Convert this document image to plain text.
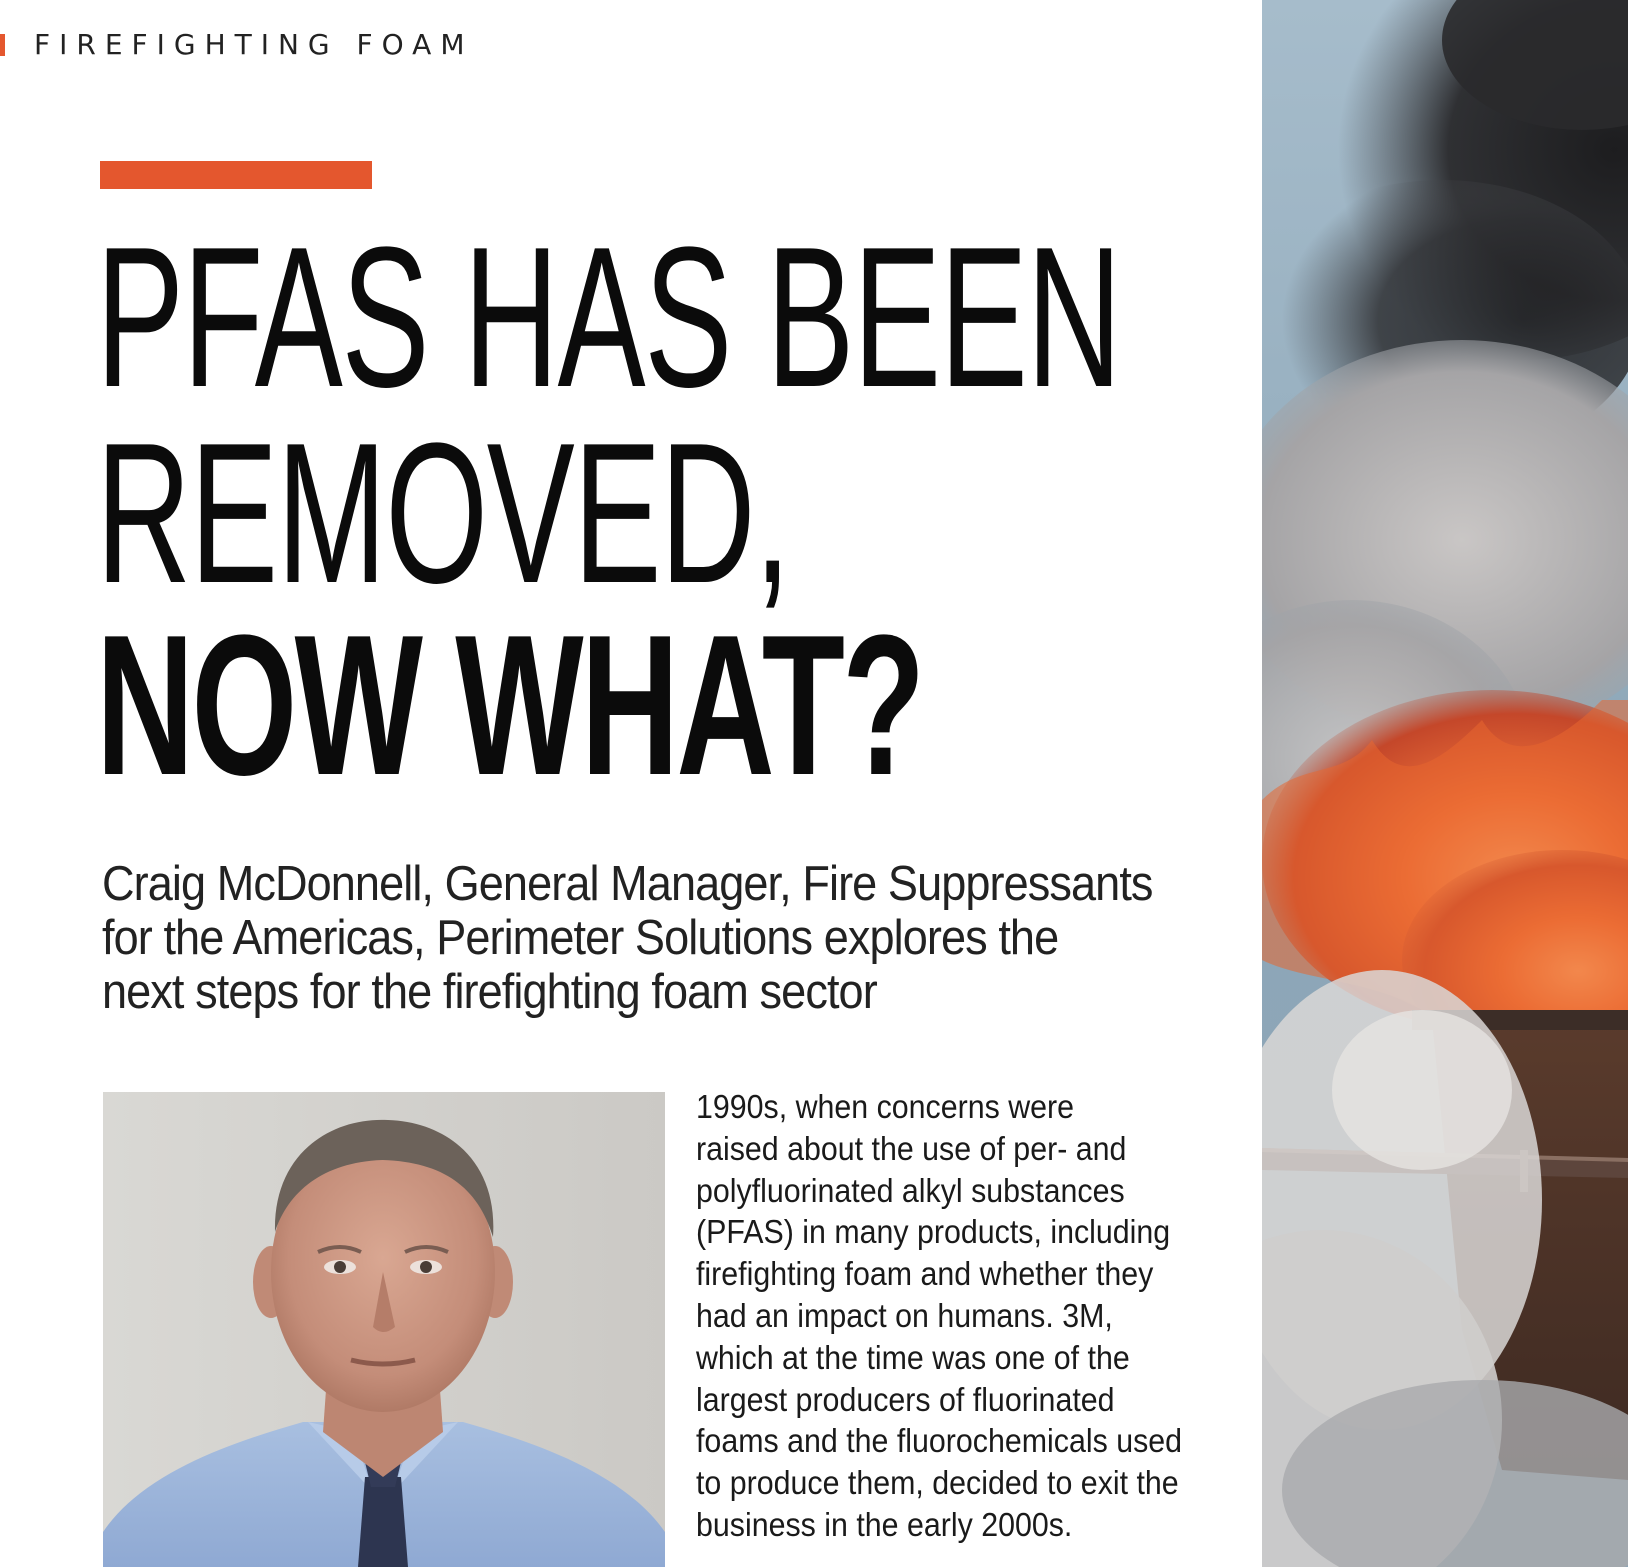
FIREFIGHTING FOAM
PFAS HAS BEEN
REMOVED,
NOW WHAT?
Craig McDonnell, General Manager, Fire Suppressants
for the Americas, Perimeter Solutions explores the
next steps for the firefighting foam sector
1990s, when concerns were
raised about the use of per- and
polyfluorinated alkyl substances
(PFAS) in many products, including
firefighting foam and whether they
had an impact on humans. 3M,
which at the time was one of the
largest producers of fluorinated
foams and the fluorochemicals used
to produce them, decided to exit the
business in the early 2000s.
